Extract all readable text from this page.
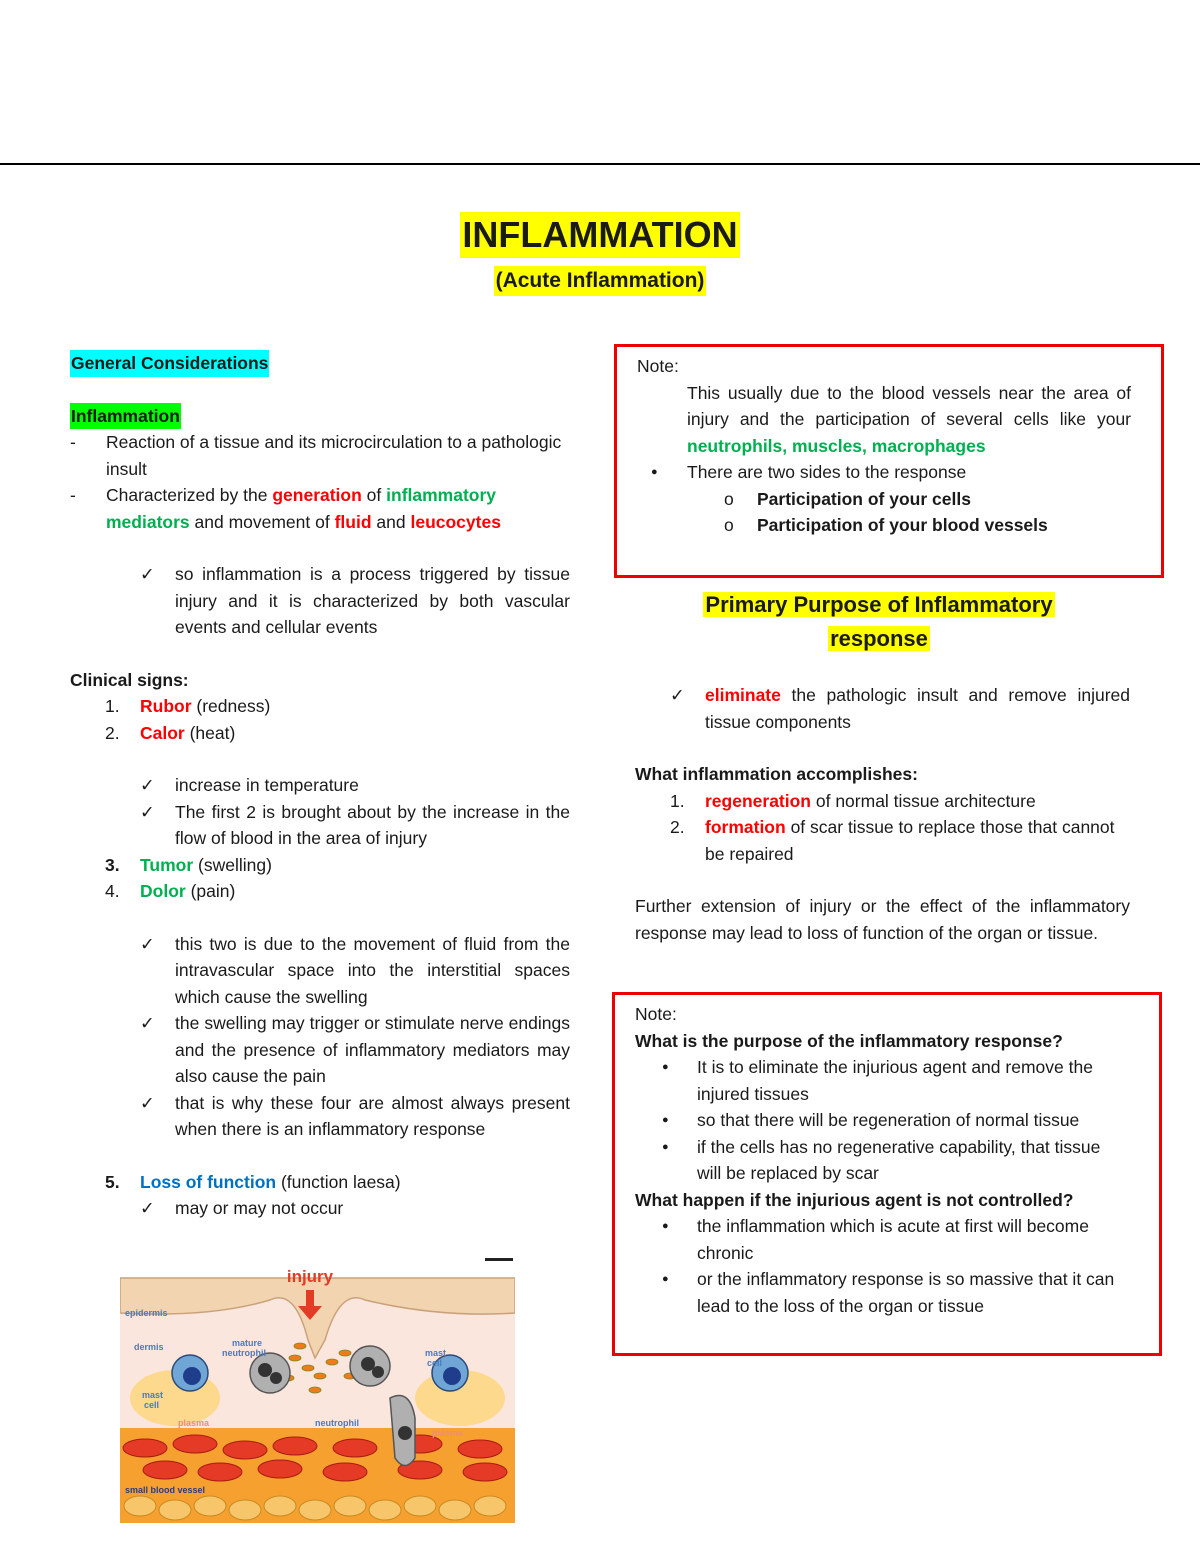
INFLAMMATION
(Acute Inflammation)
General Considerations
Inflammation
- Reaction of a tissue and its microcirculation to a pathologic insult
- Characterized by the generation of inflammatory mediators and movement of fluid and leucocytes
✓ so inflammation is a process triggered by tissue injury and it is characterized by both vascular events and cellular events
Clinical signs:
1. Rubor (redness)
2. Calor (heat)
✓ increase in temperature
✓ The first 2 is brought about by the increase in the flow of blood in the area of injury
3. Tumor (swelling)
4. Dolor (pain)
✓ this two is due to the movement of fluid from the intravascular space into the interstitial spaces which cause the swelling
✓ the swelling may trigger or stimulate nerve endings and the presence of inflammatory mediators may also cause the pain
✓ that is why these four are almost always present when there is an inflammatory response
5. Loss of function (function laesa)
✓ may or may not occur

Note:

This usually due to the blood vessels near the area of injury and the participation of several cells like your neutrophils, muscles, macrophages

● There are two sides to the response

o Participation of your cells

o Participation of your blood vessels

Primary Purpose of Inflammatory
response
✓ eliminate the pathologic insult and remove injured tissue components
What inflammation accomplishes:
1. regeneration of normal tissue architecture
2. formation of scar tissue to replace those that cannot be repaired
Further extension of injury or the effect of the inflammatory response may lead to loss of function of the organ or tissue.

Note:

What is the purpose of the inflammatory response?

● It is to eliminate the injurious agent and remove the injured tissues

● so that there will be regeneration of normal tissue

● if the cells has no regenerative capability, that tissue will be replaced by scar

What happen if the injurious agent is not controlled?

● the inflammation which is acute at first will become chronic

● or the inflammatory response is so massive that it can lead to the loss of the organ or tissue

injury
epidermis
dermis	mature
neutrophil
mast
cell
mast
cell
neutrophil
small blood vessel
plasma
plasma
